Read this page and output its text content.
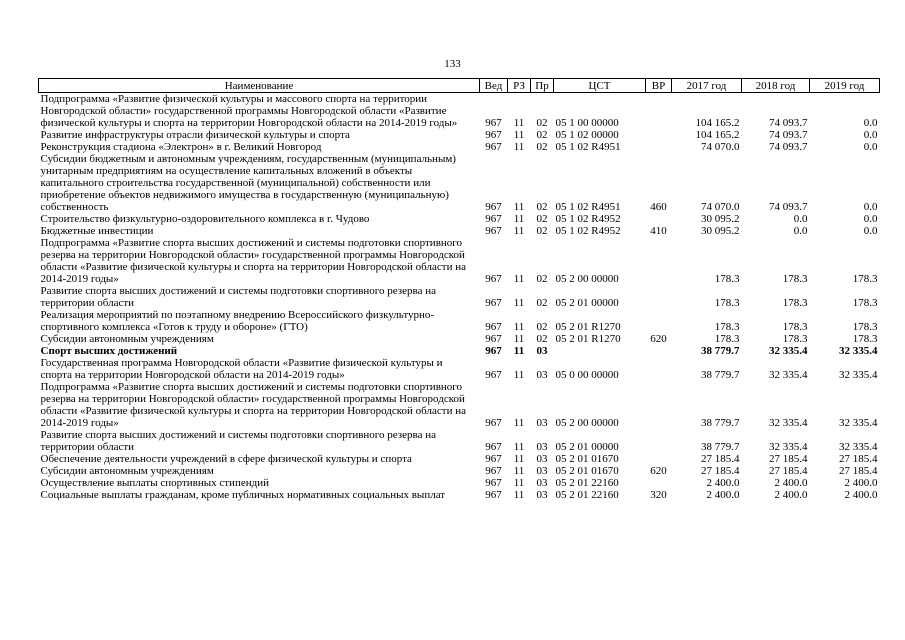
133
Наименование	Вед	РЗ	Пр	ЦСТ	ВР	2017 год	2018 год	2019 год
Подпрограмма «Развитие физической культуры и массового спорта на территории Новгородской области» государственной программы Новгородской области «Развитие физической культуры и спорта на территории Новгородской области на 2014-2019 годы»	967	11	02	05 1 00 00000		104 165.2	74 093.7	0.0
Развитие инфраструктуры отрасли физической культуры и спорта	967	11	02	05 1 02 00000		104 165.2	74 093.7	0.0
Реконструкция стадиона «Электрон» в г. Великий Новгород	967	11	02	05 1 02 R4951		74 070.0	74 093.7	0.0
Субсидии бюджетным и автономным учреждениям, государственным (муниципальным) унитарным предприятиям на осуществление капитальных вложений в объекты капитального строительства государственной (муниципальной) собственности или приобретение объектов недвижимого имущества в государственную (муниципальную) собственность	967	11	02	05 1 02 R4951	460	74 070.0	74 093.7	0.0
Строительство физкультурно-оздоровительного комплекса в г. Чудово	967	11	02	05 1 02 R4952		30 095.2	0.0	0.0
Бюджетные инвестиции	967	11	02	05 1 02 R4952	410	30 095.2	0.0	0.0
Подпрограмма «Развитие спорта высших достижений и системы подготовки спортивного резерва на территории Новгородской области» государственной программы Новгородской области «Развитие физической культуры и спорта на территории Новгородской области на 2014-2019 годы»	967	11	02	05 2 00 00000		178.3	178.3	178.3
Развитие спорта высших достижений и системы подготовки спортивного резерва на территории области	967	11	02	05 2 01 00000		178.3	178.3	178.3
Реализация мероприятий по поэтапному внедрению Всероссийского физкультурно-спортивного комплекса «Готов к труду и обороне» (ГТО)	967	11	02	05 2 01 R1270		178.3	178.3	178.3
Субсидии автономным учреждениям	967	11	02	05 2 01 R1270	620	178.3	178.3	178.3
Спорт высших достижений	967	11	03			38 779.7	32 335.4	32 335.4
Государственная программа Новгородской области «Развитие физической культуры и спорта на территории Новгородской области на 2014-2019 годы»	967	11	03	05 0 00 00000		38 779.7	32 335.4	32 335.4
Подпрограмма «Развитие спорта высших достижений и системы подготовки спортивного резерва на территории Новгородской области» государственной программы Новгородской области «Развитие физической культуры и спорта на территории Новгородской области на 2014-2019 годы»	967	11	03	05 2 00 00000		38 779.7	32 335.4	32 335.4
Развитие спорта высших достижений и системы подготовки спортивного резерва на территории области	967	11	03	05 2 01 00000		38 779.7	32 335.4	32 335.4
Обеспечение деятельности учреждений в сфере физической культуры и спорта	967	11	03	05 2 01 01670		27 185.4	27 185.4	27 185.4
Субсидии автономным учреждениям	967	11	03	05 2 01 01670	620	27 185.4	27 185.4	27 185.4
Осуществление выплаты спортивных стипендий	967	11	03	05 2 01 22160		2 400.0	2 400.0	2 400.0
Социальные выплаты гражданам, кроме публичных нормативных социальных выплат	967	11	03	05 2 01 22160	320	2 400.0	2 400.0	2 400.0
